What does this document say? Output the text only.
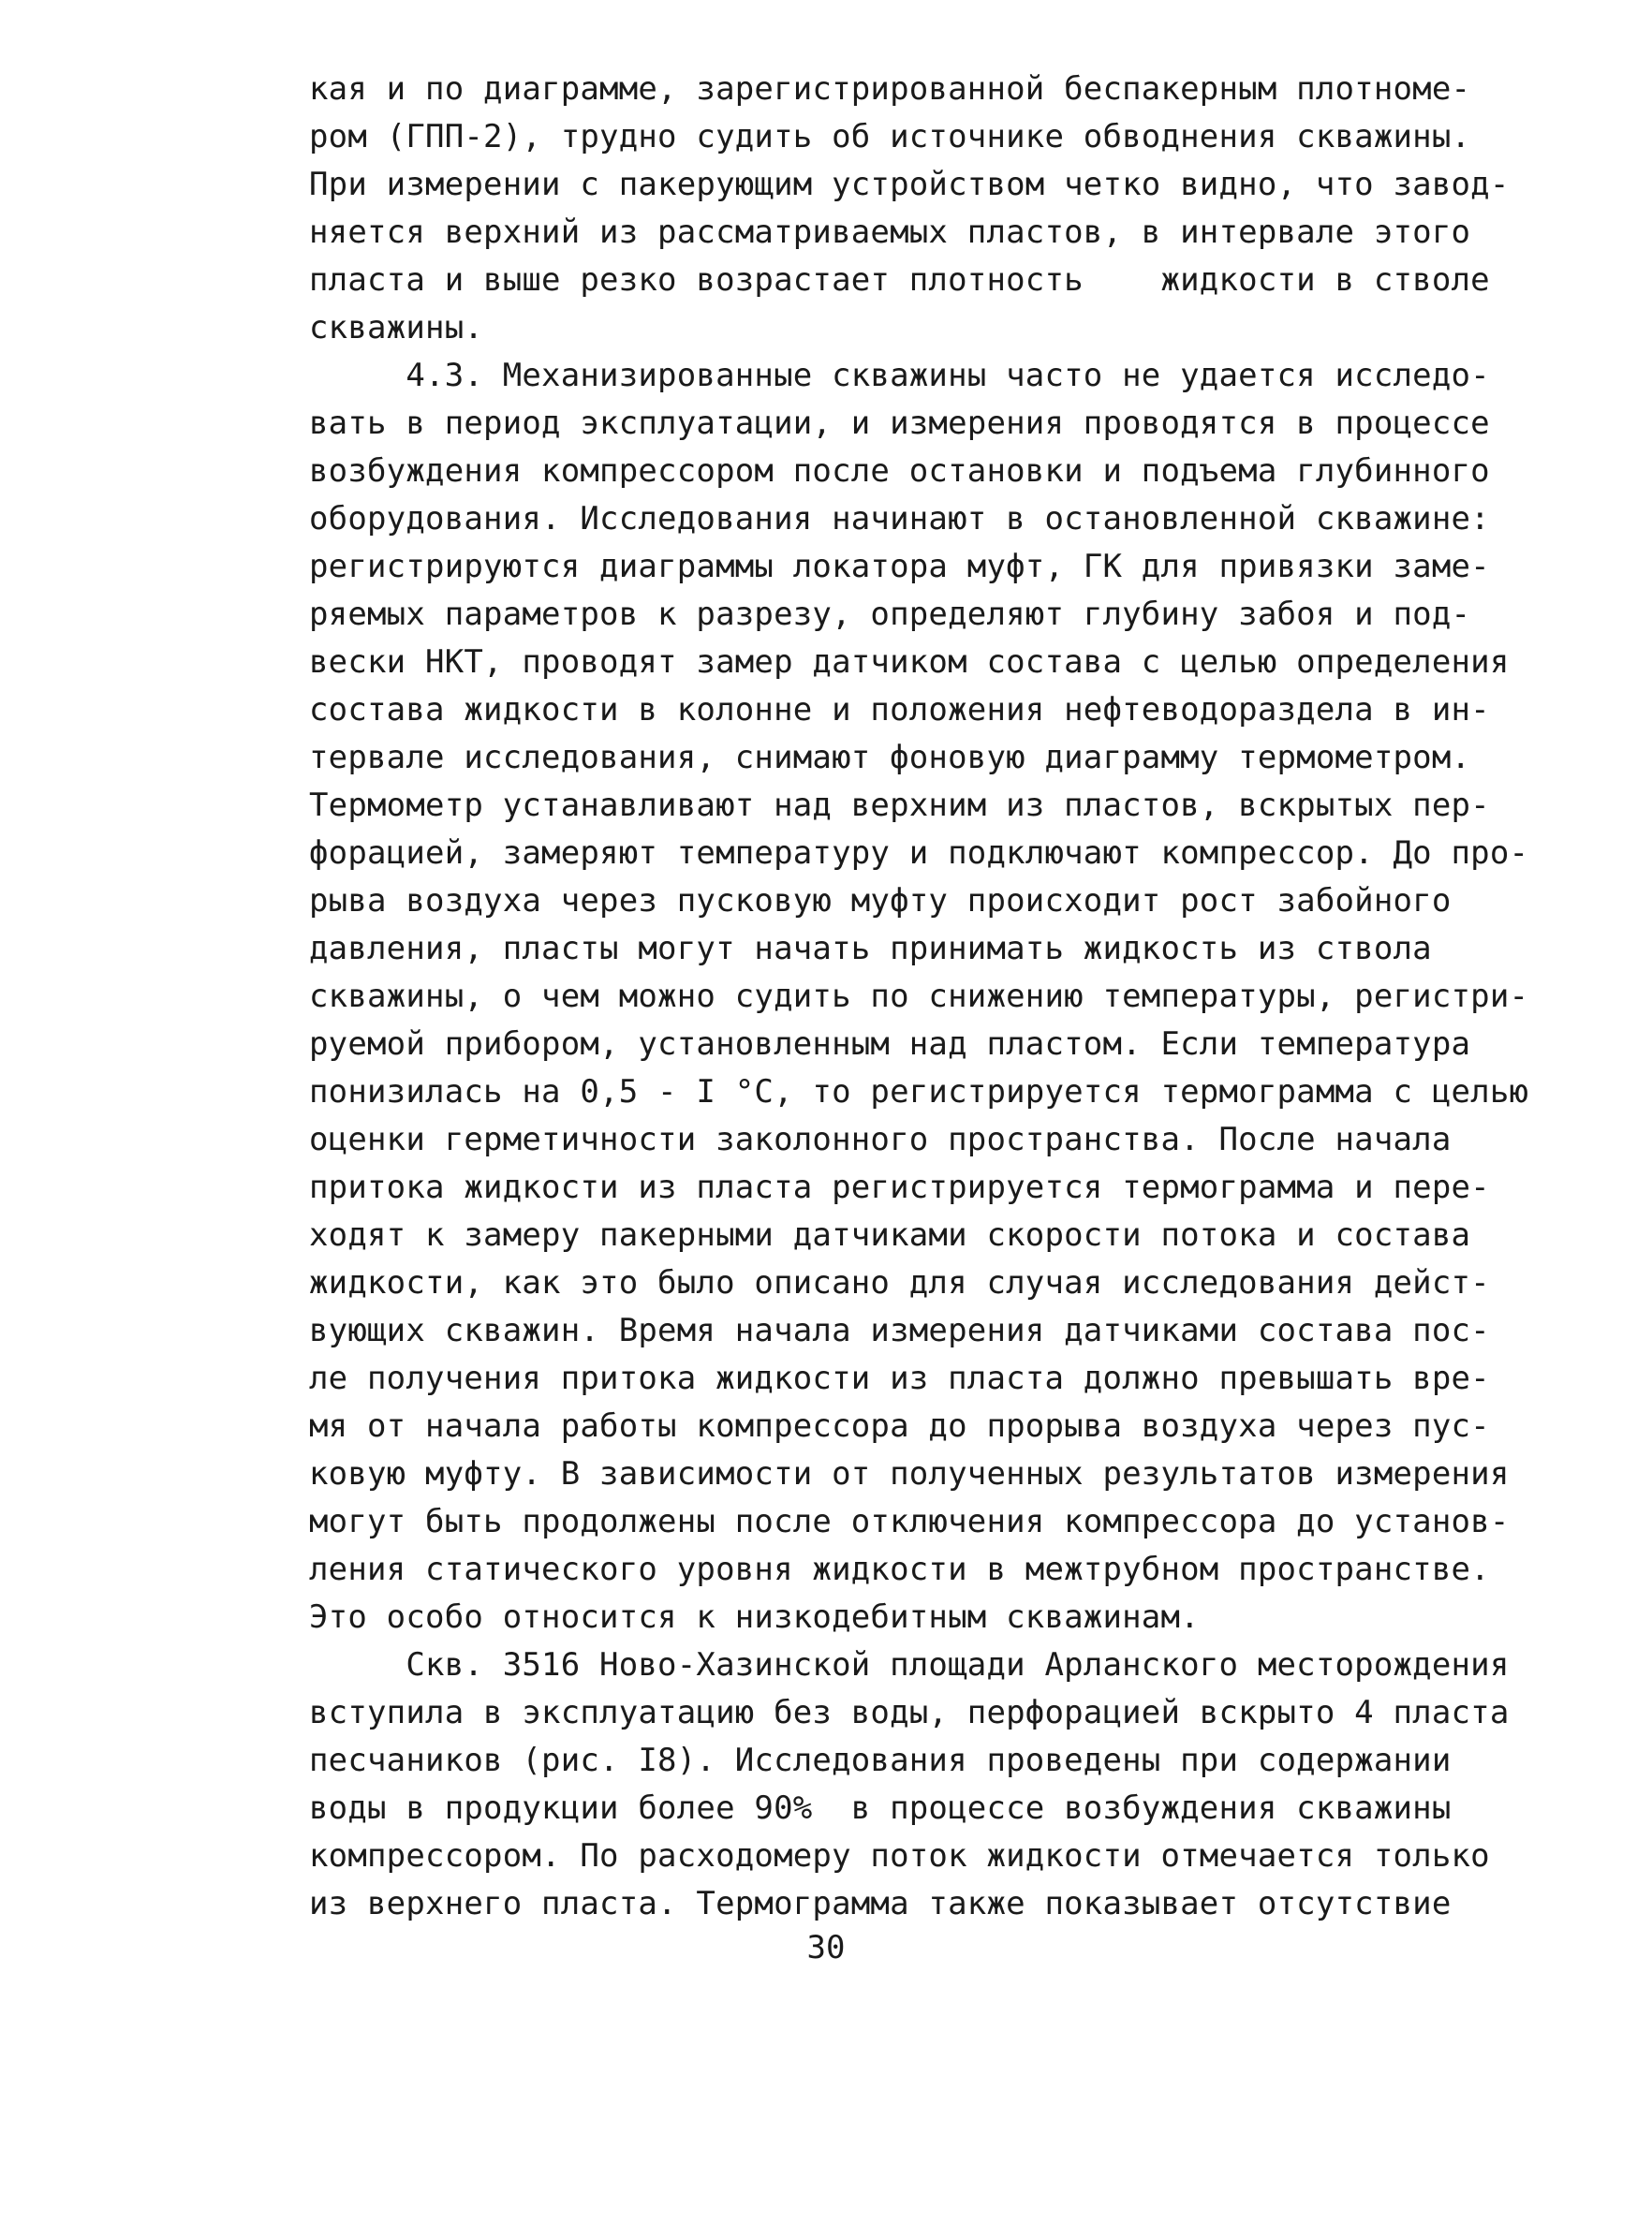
кая и по диаграмме, зарегистрированной беспакерным плотноме-
ром (ГПП-2), трудно судить об источнике обводнения скважины.
При измерении с пакерующим устройством четко видно, что завод-
няется верхний из рассматриваемых пластов, в интервале этого
пласта и выше резко возрастает плотность    жидкости в стволе
скважины.
4.3. Механизированные скважины часто не удается исследо-
вать в период эксплуатации, и измерения проводятся в процессе
возбуждения компрессором после остановки и подъема глубинного
оборудования. Исследования начинают в остановленной скважине:
регистрируются диаграммы локатора муфт, ГК для привязки заме-
ряемых параметров к разрезу, определяют глубину забоя и под-
вески НКТ, проводят замер датчиком состава с целью определения
состава жидкости в колонне и положения нефтеводораздела в ин-
тервале исследования, снимают фоновую диаграмму термометром.
Термометр устанавливают над верхним из пластов, вскрытых пер-
форацией, замеряют температуру и подключают компрессор. До про-
рыва воздуха через пусковую муфту происходит рост забойного
давления, пласты могут начать принимать жидкость из ствола
скважины, о чем можно судить по снижению температуры, регистри-
руемой прибором, установленным над пластом. Если температура
понизилась на 0,5 - I °C, то регистрируется термограмма с целью
оценки герметичности заколонного пространства. После начала
притока жидкости из пласта регистрируется термограмма и пере-
ходят к замеру пакерными датчиками скорости потока и состава
жидкости, как это было описано для случая исследования дейст-
вующих скважин. Время начала измерения датчиками состава пос-
ле получения притока жидкости из пласта должно превышать вре-
мя от начала работы компрессора до прорыва воздуха через пус-
ковую муфту. В зависимости от полученных результатов измерения
могут быть продолжены после отключения компрессора до установ-
ления статического уровня жидкости в межтрубном пространстве.
Это особо относится к низкодебитным скважинам.
Скв. 3516 Ново-Хазинской площади Арланского месторождения
вступила в эксплуатацию без воды, перфорацией вскрыто 4 пласта
песчаников (рис. I8). Исследования проведены при содержании
воды в продукции более 90%  в процессе возбуждения скважины
компрессором. По расходомеру поток жидкости отмечается только
из верхнего пласта. Термограмма также показывает отсутствие
30
